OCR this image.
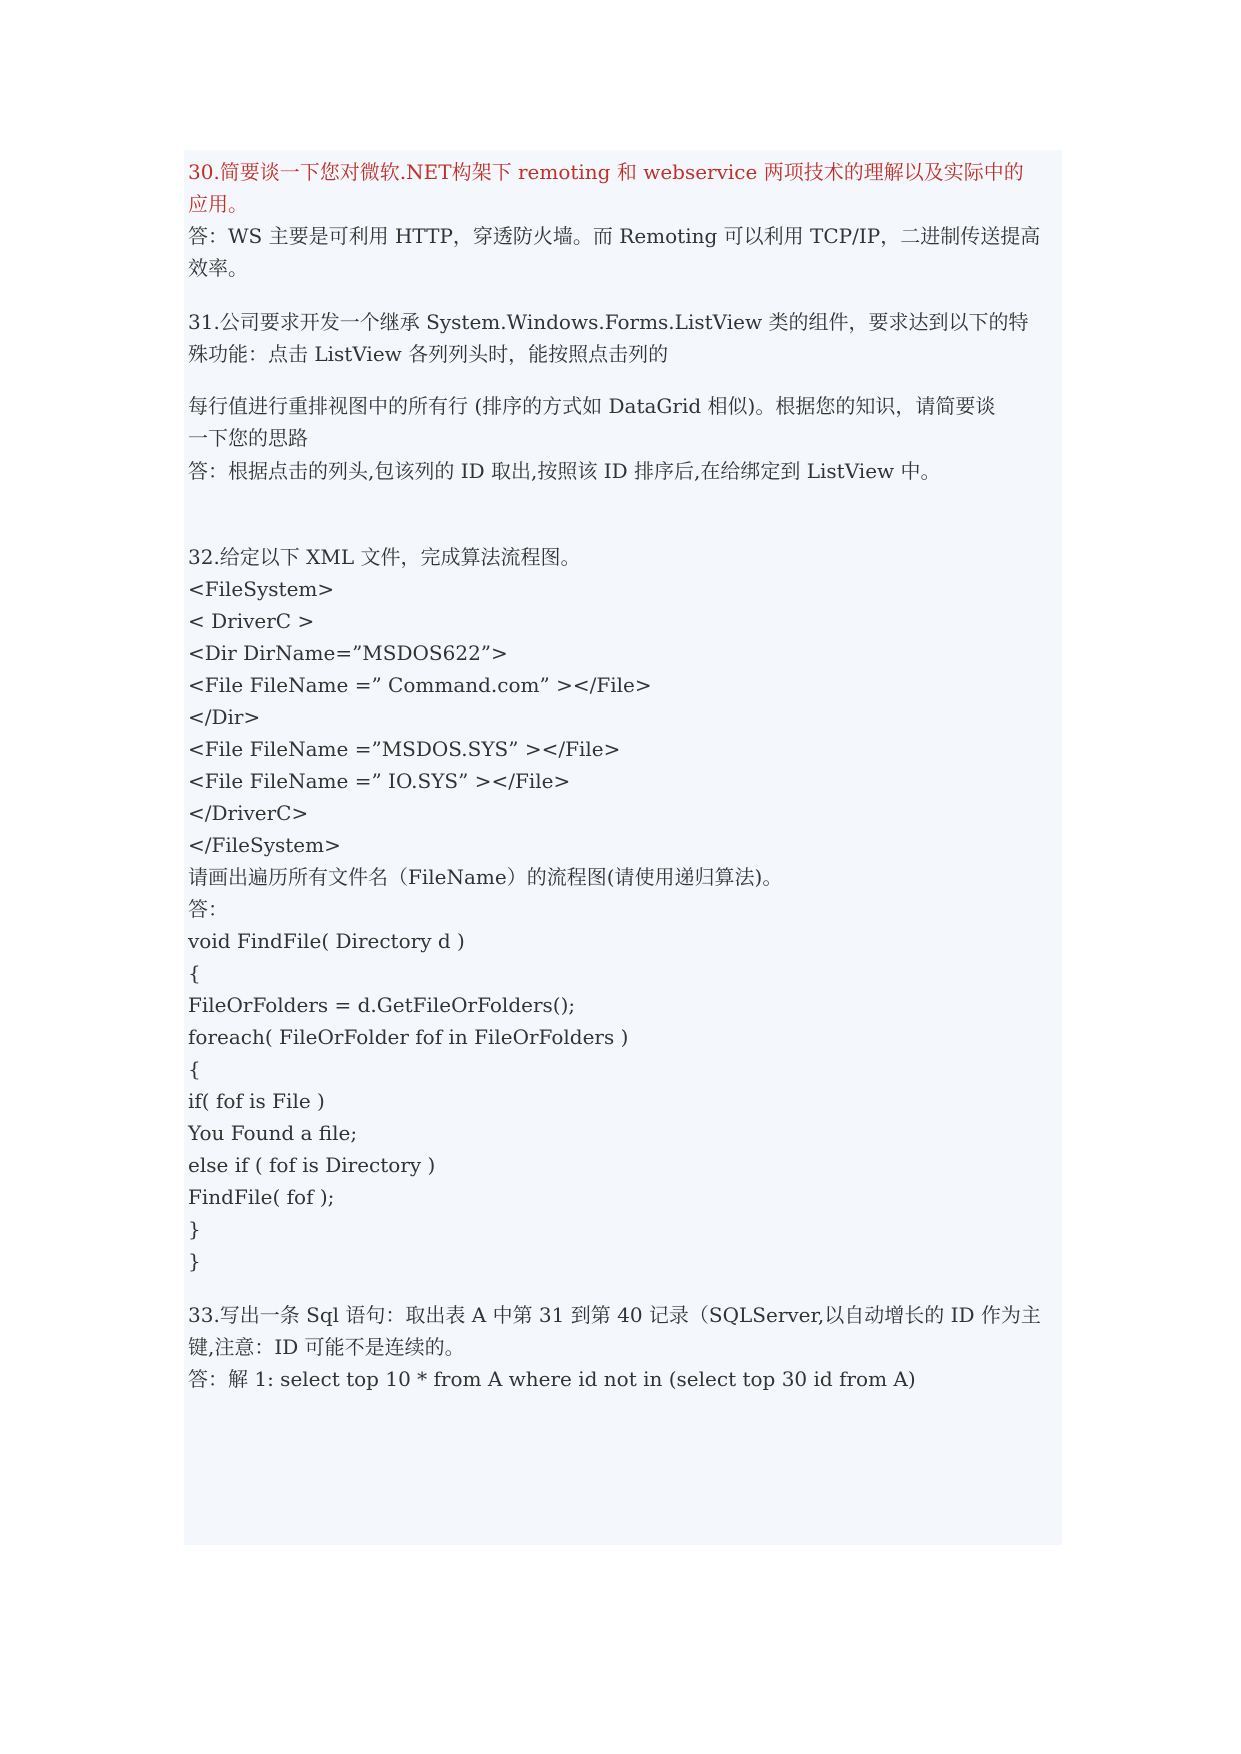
30.简要谈一下您对微软.NET构架下 remoting 和 webservice 两项技术的理解以及实际中的
应用。
答：WS 主要是可利用 HTTP，穿透防火墙。而 Remoting 可以利用 TCP/IP，二进制传送提高
效率。
31.公司要求开发一个继承 System.Windows.Forms.ListView 类的组件，要求达到以下的特
殊功能：点击 ListView 各列列头时，能按照点击列的
每行值进行重排视图中的所有行 (排序的方式如 DataGrid 相似)。根据您的知识，请简要谈
一下您的思路
答：根据点击的列头,包该列的 ID 取出,按照该 ID 排序后,在给绑定到 ListView 中。
32.给定以下 XML 文件，完成算法流程图。
<FileSystem>
< DriverC >
<Dir DirName=”MSDOS622”>
<File FileName =” Command.com” ></File>
</Dir>
<File FileName =”MSDOS.SYS” ></File>
<File FileName =” IO.SYS” ></File>
</DriverC>
</FileSystem>
请画出遍历所有文件名（FileName）的流程图(请使用递归算法)。
答：
void FindFile( Directory d )
{
FileOrFolders = d.GetFileOrFolders();
foreach( FileOrFolder fof in FileOrFolders )
{
if( fof is File )
You Found a file;
else if ( fof is Directory )
FindFile( fof );
}
}
33.写出一条 Sql 语句：取出表 A 中第 31 到第 40 记录（SQLServer,以自动增长的 ID 作为主
键,注意：ID 可能不是连续的。
答：解 1: select top 10 * from A where id not in (select top 30 id from A)
